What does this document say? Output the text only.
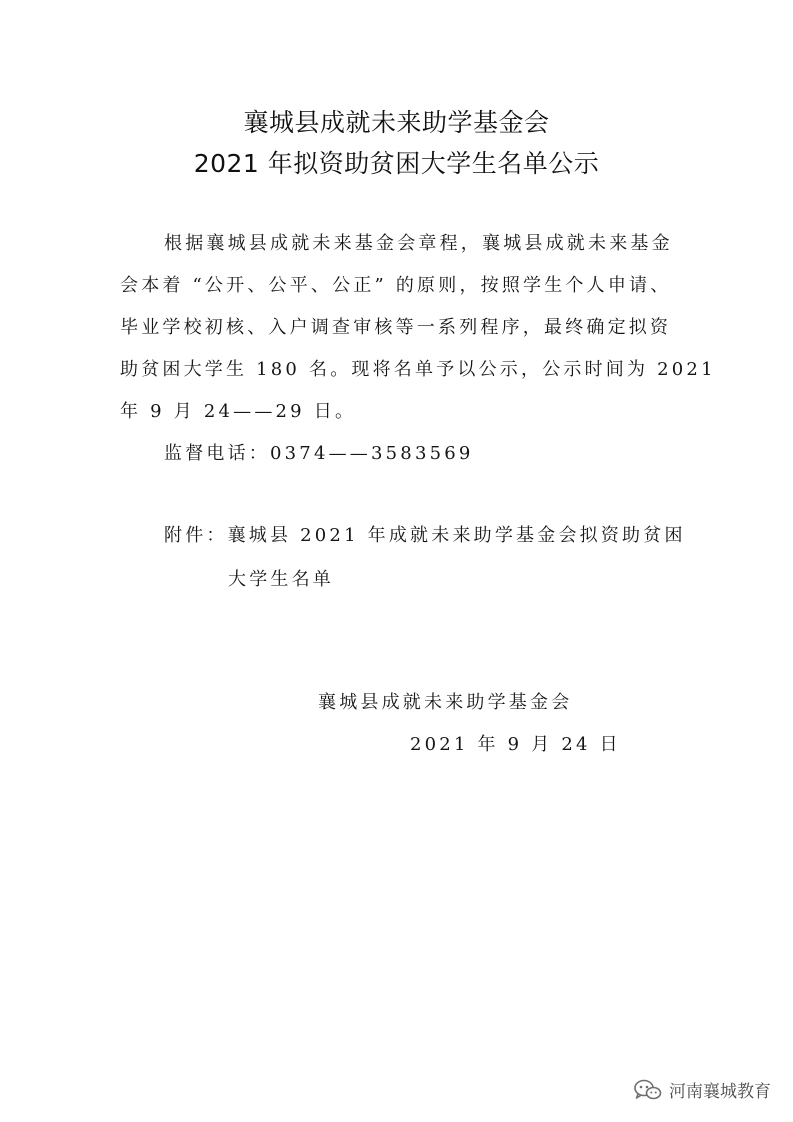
襄城县成就未来助学基金会
2021 年拟资助贫困大学生名单公示
根据襄城县成就未来基金会章程，襄城县成就未来基金
会本着 “公开、公平、公正” 的原则，按照学生个人申请、
毕业学校初核、入户调查审核等一系列程序，最终确定拟资
助贫困大学生 180 名。现将名单予以公示，公示时间为 2021
年 9 月 24——29 日。
监督电话：0374——3583569
附件：襄城县 2021 年成就未来助学基金会拟资助贫困
大学生名单
襄城县成就未来助学基金会
2021 年 9 月 24 日
河南襄城教育
